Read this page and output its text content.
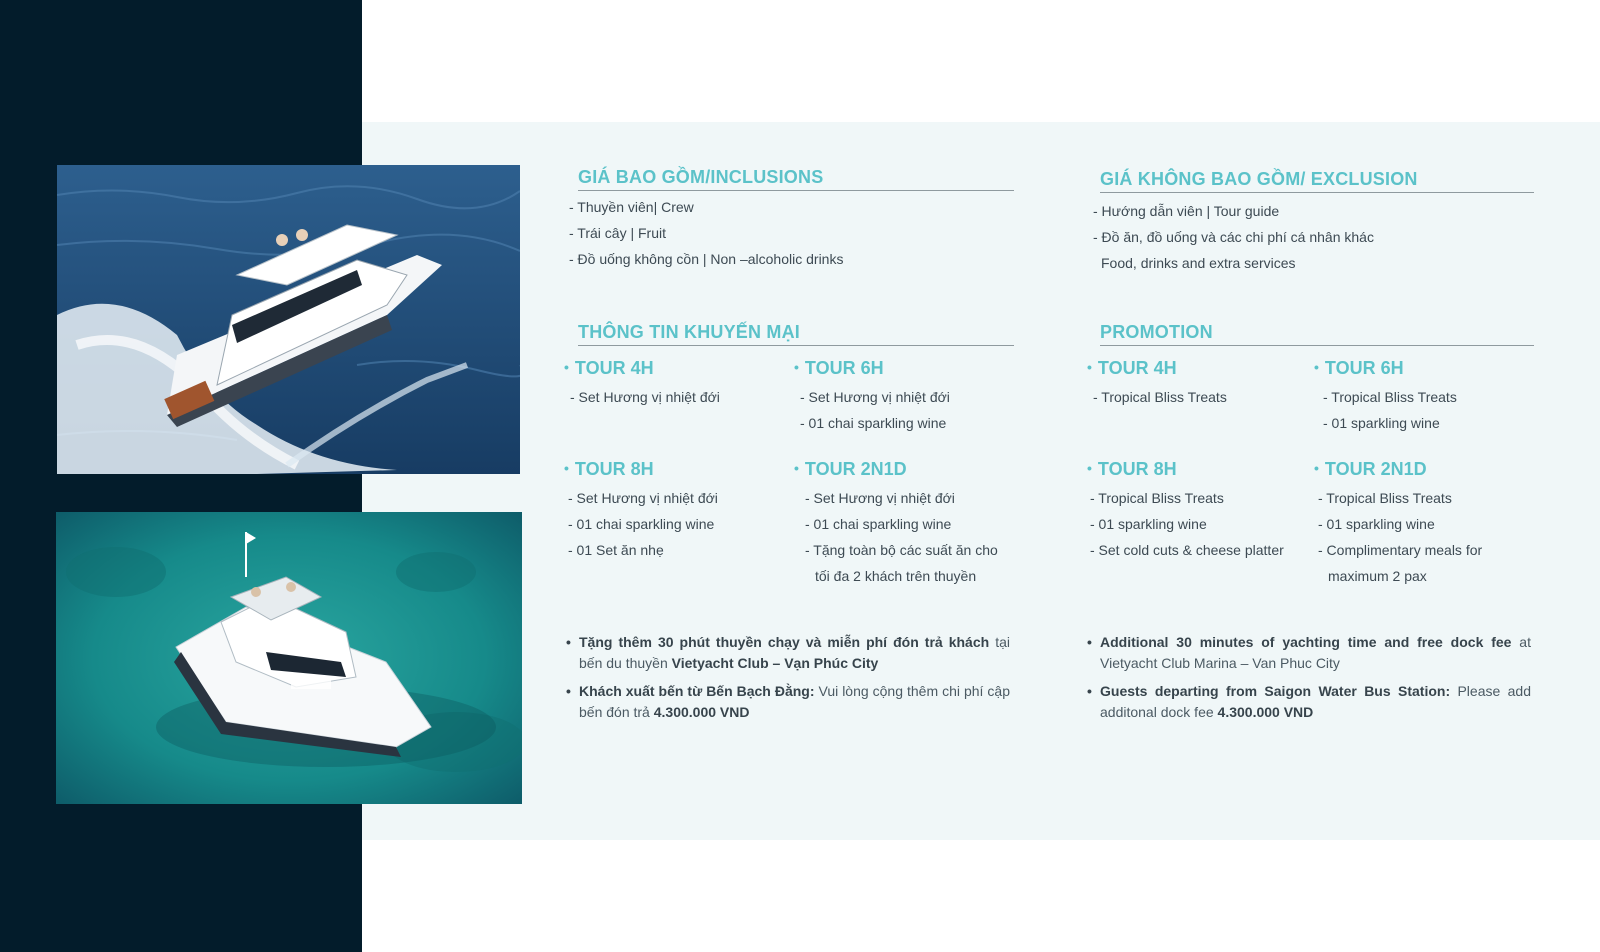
GIÁ BAO GỒM/INCLUSIONS
- Thuyền viên| Crew
- Trái cây | Fruit
- Đồ uống không cồn | Non –alcoholic drinks
GIÁ KHÔNG BAO GỒM/ EXCLUSION
- Hướng dẫn viên | Tour guide
- Đồ ăn, đồ uống và các chi phí cá nhân khác
Food, drinks and extra services
THÔNG TIN KHUYẾN MẠI	PROMOTION
• TOUR 4H
- Set Hương vị nhiệt đới
• TOUR 6H
- Set Hương vị nhiệt đới
- 01 chai sparkling wine
• TOUR 8H
- Set Hương vị nhiệt đới
- 01 chai sparkling wine
- 01 Set ăn nhẹ
• TOUR 2N1D
- Set Hương vị nhiệt đới
- 01 chai sparkling wine
- Tặng toàn bộ các suất ăn cho
tối đa 2 khách trên thuyền
• TOUR 4H
- Tropical Bliss Treats
• TOUR 6H
- Tropical Bliss Treats
- 01 sparkling wine
• TOUR 8H
- Tropical Bliss Treats
- 01 sparkling wine
- Set cold cuts & cheese platter
• TOUR 2N1D
- Tropical Bliss Treats
- 01 sparkling wine
- Complimentary meals for
maximum 2 pax
• Tặng thêm 30 phút thuyền chạy và miễn phí đón trả khách tại bến du thuyền Vietyacht Club – Vạn Phúc City
• Khách xuất bến từ Bến Bạch Đằng: Vui lòng cộng thêm chi phí cập bến đón trả 4.300.000 VND
• Additional 30 minutes of yachting time and free dock fee at Vietyacht Club Marina – Van Phuc City
• Guests departing from Saigon Water Bus Station: Please add additonal dock fee 4.300.000 VND
